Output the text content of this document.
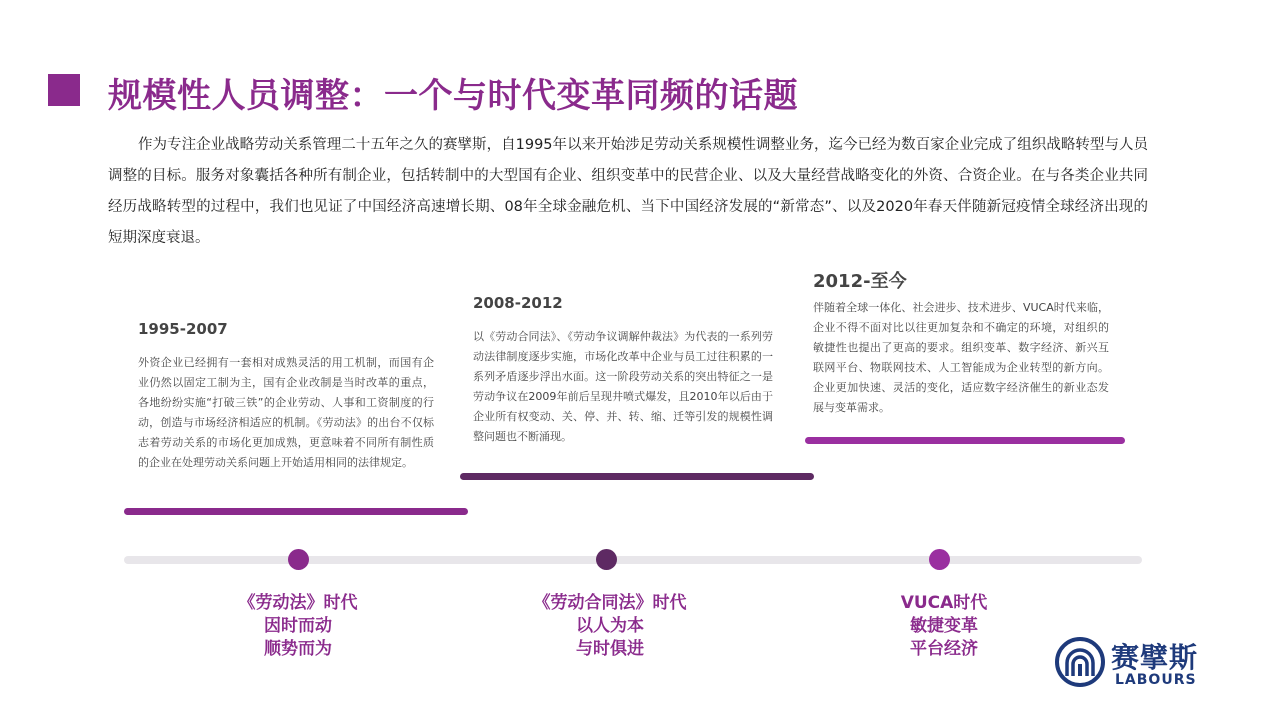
规模性人员调整：一个与时代变革同频的话题
作为专注企业战略劳动关系管理二十五年之久的赛擘斯，自1995年以来开始涉足劳动关系规模性调整业务，迄今已经为数百家企业完成了组织战略转型与人员调整的目标。服务对象囊括各种所有制企业，包括转制中的大型国有企业、组织变革中的民营企业、以及大量经营战略变化的外资、合资企业。在与各类企业共同经历战略转型的过程中，我们也见证了中国经济高速增长期、08年全球金融危机、当下中国经济发展的“新常态”、以及2020年春天伴随新冠疫情全球经济出现的短期深度衰退。
1995-2007
外资企业已经拥有一套相对成熟灵活的用工机制，而国有企业仍然以固定工制为主，国有企业改制是当时改革的重点，各地纷纷实施“打破三铁”的企业劳动、人事和工资制度的行动，创造与市场经济相适应的机制。《劳动法》的出台不仅标志着劳动关系的市场化更加成熟，更意味着不同所有制性质的企业在处理劳动关系问题上开始适用相同的法律规定。
2008-2012
以《劳动合同法》、《劳动争议调解仲裁法》为代表的一系列劳动法律制度逐步实施，市场化改革中企业与员工过往积累的一系列矛盾逐步浮出水面。这一阶段劳动关系的突出特征之一是劳动争议在2009年前后呈现井喷式爆发，且2010年以后由于企业所有权变动、关、停、并、转、缩、迁等引发的规模性调整问题也不断涌现。
2012-至今
伴随着全球一体化、社会进步、技术进步、VUCA时代来临，企业不得不面对比以往更加复杂和不确定的环境，对组织的敏捷性也提出了更高的要求。组织变革、数字经济、新兴互联网平台、物联网技术、人工智能成为企业转型的新方向。企业更加快速、灵活的变化，适应数字经济催生的新业态发展与变革需求。
《劳动法》时代
因时而动
顺势而为
《劳动合同法》时代
以人为本
与时俱进
VUCA时代
敏捷变革
平台经济	赛擘斯
LABOURS
